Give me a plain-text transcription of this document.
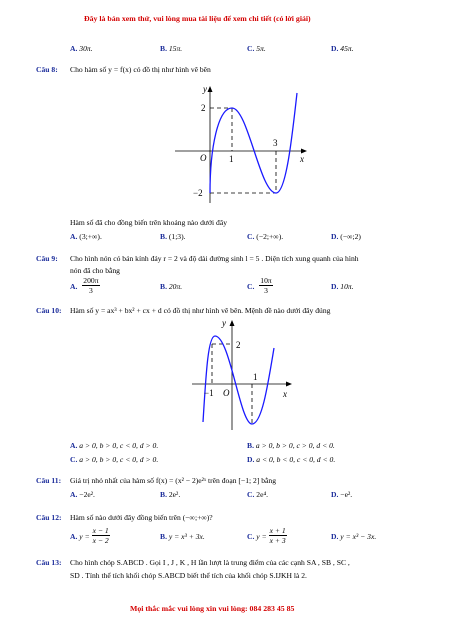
Đây là bản xem thử, vui lòng mua tài liệu để xem chi tiết (có lời giải)
A. 30π.	B. 15π.	C. 5π.	D. 45π.
Câu 8: Cho hàm số y = f(x) có đồ thị như hình vẽ bên
y
x
O	1
3
2
−2
Hàm số đã cho đồng biến trên khoảng nào dưới đây
A. (3;+∞).	B. (1;3).	C. (−2;+∞).	D. (−∞;2)
Câu 9: Cho hình nón có bán kính đáy r = 2 và độ dài đường sinh l = 5 . Diện tích xung quanh của hình
nón đã cho bằng
A. $\frac{200\pi}{3}$	B. 20π.	C. $\frac{10\pi}{3}$	D. 10π.
Câu 10: Hàm số y = ax³ + bx² + cx + d có đồ thị như hình vẽ bên. Mệnh đề nào dưới đây đúng
y
x
O
−1
1
2
A. a > 0, b > 0, c < 0, d > 0.	B. a > 0, b > 0, c > 0, d < 0.
C. a > 0, b > 0, c < 0, d > 0.	D. a < 0, b < 0, c < 0, d < 0.
Câu 11: Giá trị nhỏ nhất của hàm số f(x) = (x² − 2)e²ˣ trên đoạn [−1; 2] bằng
A. −2e².	B. 2e².	C. 2e⁴.	D. −e².
Câu 12: Hàm số nào dưới đây đồng biến trên (−∞;+∞)?
A. $y = \frac{x - 1}{x - 2}$	B. y = x³ + 3x.	C. $y = \frac{x + 1}{x + 3}$	D. y = x³ − 3x.
Câu 13: Cho hình chóp S.ABCD . Gọi I , J , K , H lần lượt là trung điểm của các cạnh SA , SB , SC ,
SD . Tính thể tích khối chóp S.ABCD biết thể tích của khối chóp S.IJKH là 2.
Mọi thắc mắc vui lòng xin vui lòng: 084 283 45 85
